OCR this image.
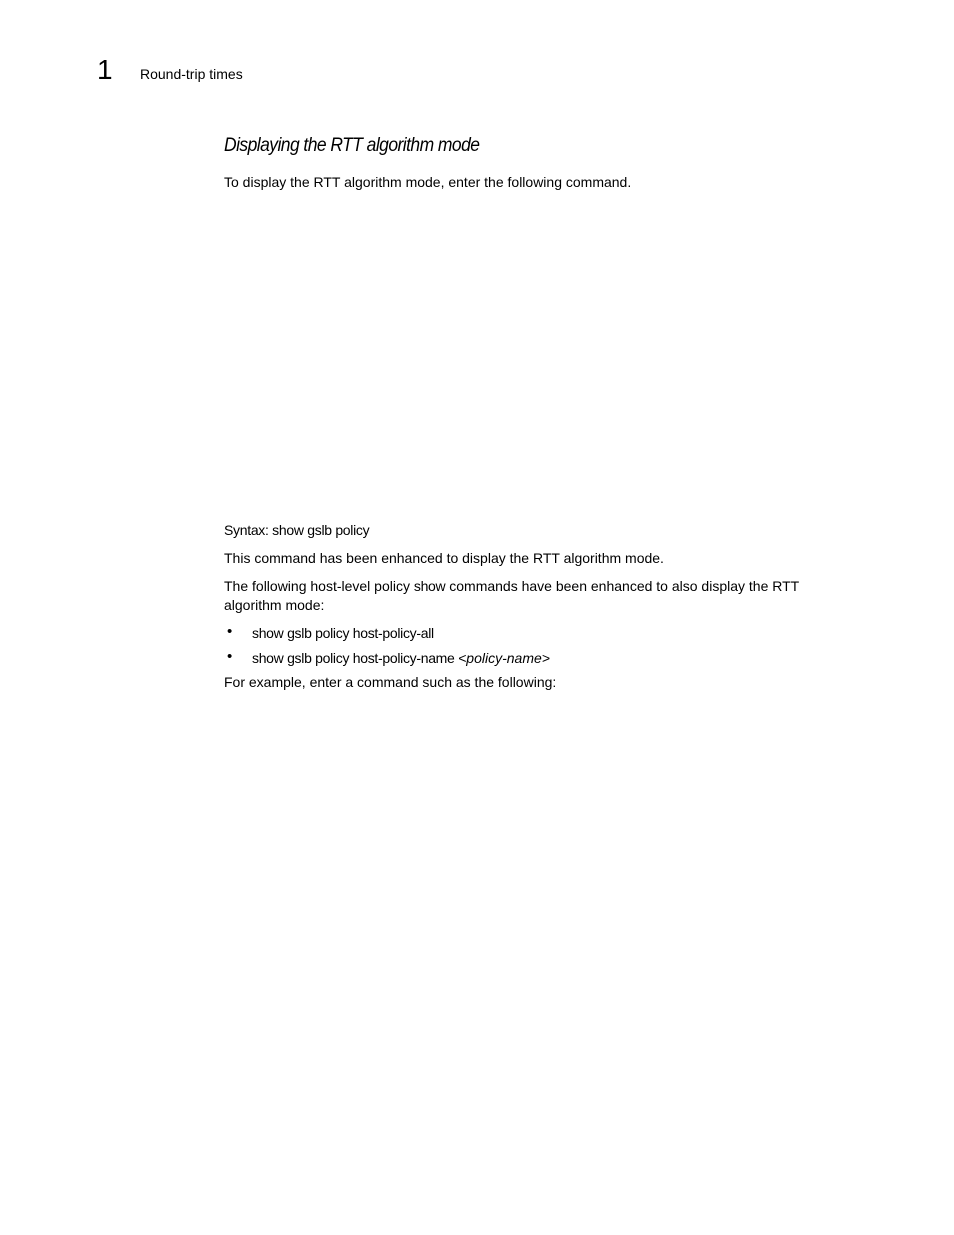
1 Round-trip times
Displaying the RTT algorithm mode

To display the RTT algorithm mode, enter the following command.

Syntax: show gslb policy

This command has been enhanced to display the RTT algorithm mode.

The following host-level policy show commands have been enhanced to also display the RTT algorithm mode:

• show gslb policy host-policy-all
• show gslb policy host-policy-name <policy-name>

For example, enter a command such as the following:
